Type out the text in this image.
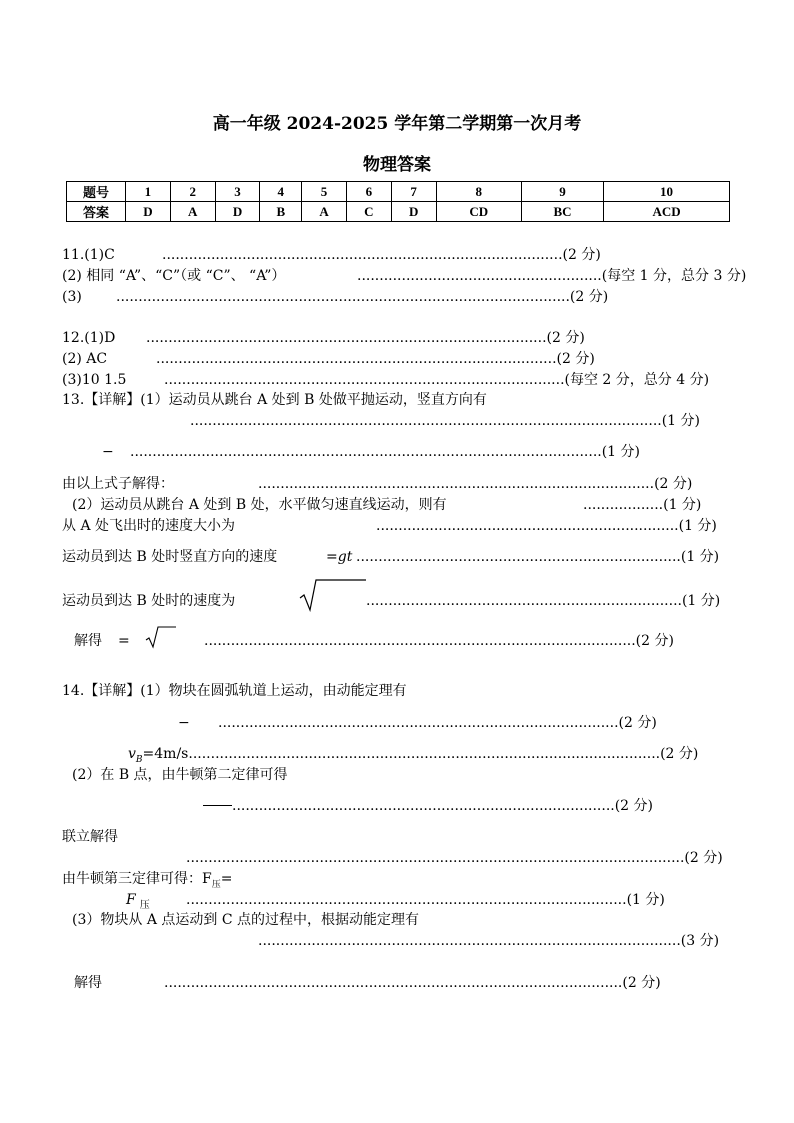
高一年级 2024-2025 学年第二学期第一次月考
物理答案
题号	1	2	3	4	5	6	7	8	9	10
答案	D	A	D	B	A	C	D	CD	BC	ACD
11.(1)C	..........................................................................................(2 分)
(2) 相同 “A”、“C”（或 “C”、 “A”）	.......................................................(每空 1 分，总分 3 分)
(3) ......................................................................................................(2 分)
12.(1)D ..........................................................................................(2 分)
(2) AC	..........................................................................................(2 分)
(3)10 1.5	..........................................................................................(每空 2 分，总分 4 分)
13.【详解】(1）运动员从跳台 A 处到 B 处做平抛运动，竖直方向有
..........................................................................................................(1 分)
− ..........................................................................................................(1 分)
由以上式子解得：	.........................................................................................(2 分)
(2）运动员从跳台 A 处到 B 处，水平做匀速直线运动，则有	..................(1 分)
从 A 处飞出时的速度大小为	....................................................................(1 分)
运动员到达 B 处时竖直方向的速度	=gt .........................................................................(1 分)
运动员到达 B 处时的速度为	.......................................................................(1 分)
解得 =	.................................................................................................(2 分)
14.【详解】(1）物块在圆弧轨道上运动，由动能定理有
− ..........................................................................................(2 分)
$v_B=4m/s..........................................................................................................(2$ 分)
(2）在 B 点，由牛顿第二定律可得
......................................................................................(2 分)
联立解得
................................................................................................................(2 分)
由牛顿第三定律可得：$F_压=$
F $_压$	...................................................................................................(1 分)
(3）物块从 A 点运动到 C 点的过程中，根据动能定理有
...............................................................................................(3 分)
解得	.......................................................................................................(2 分)
